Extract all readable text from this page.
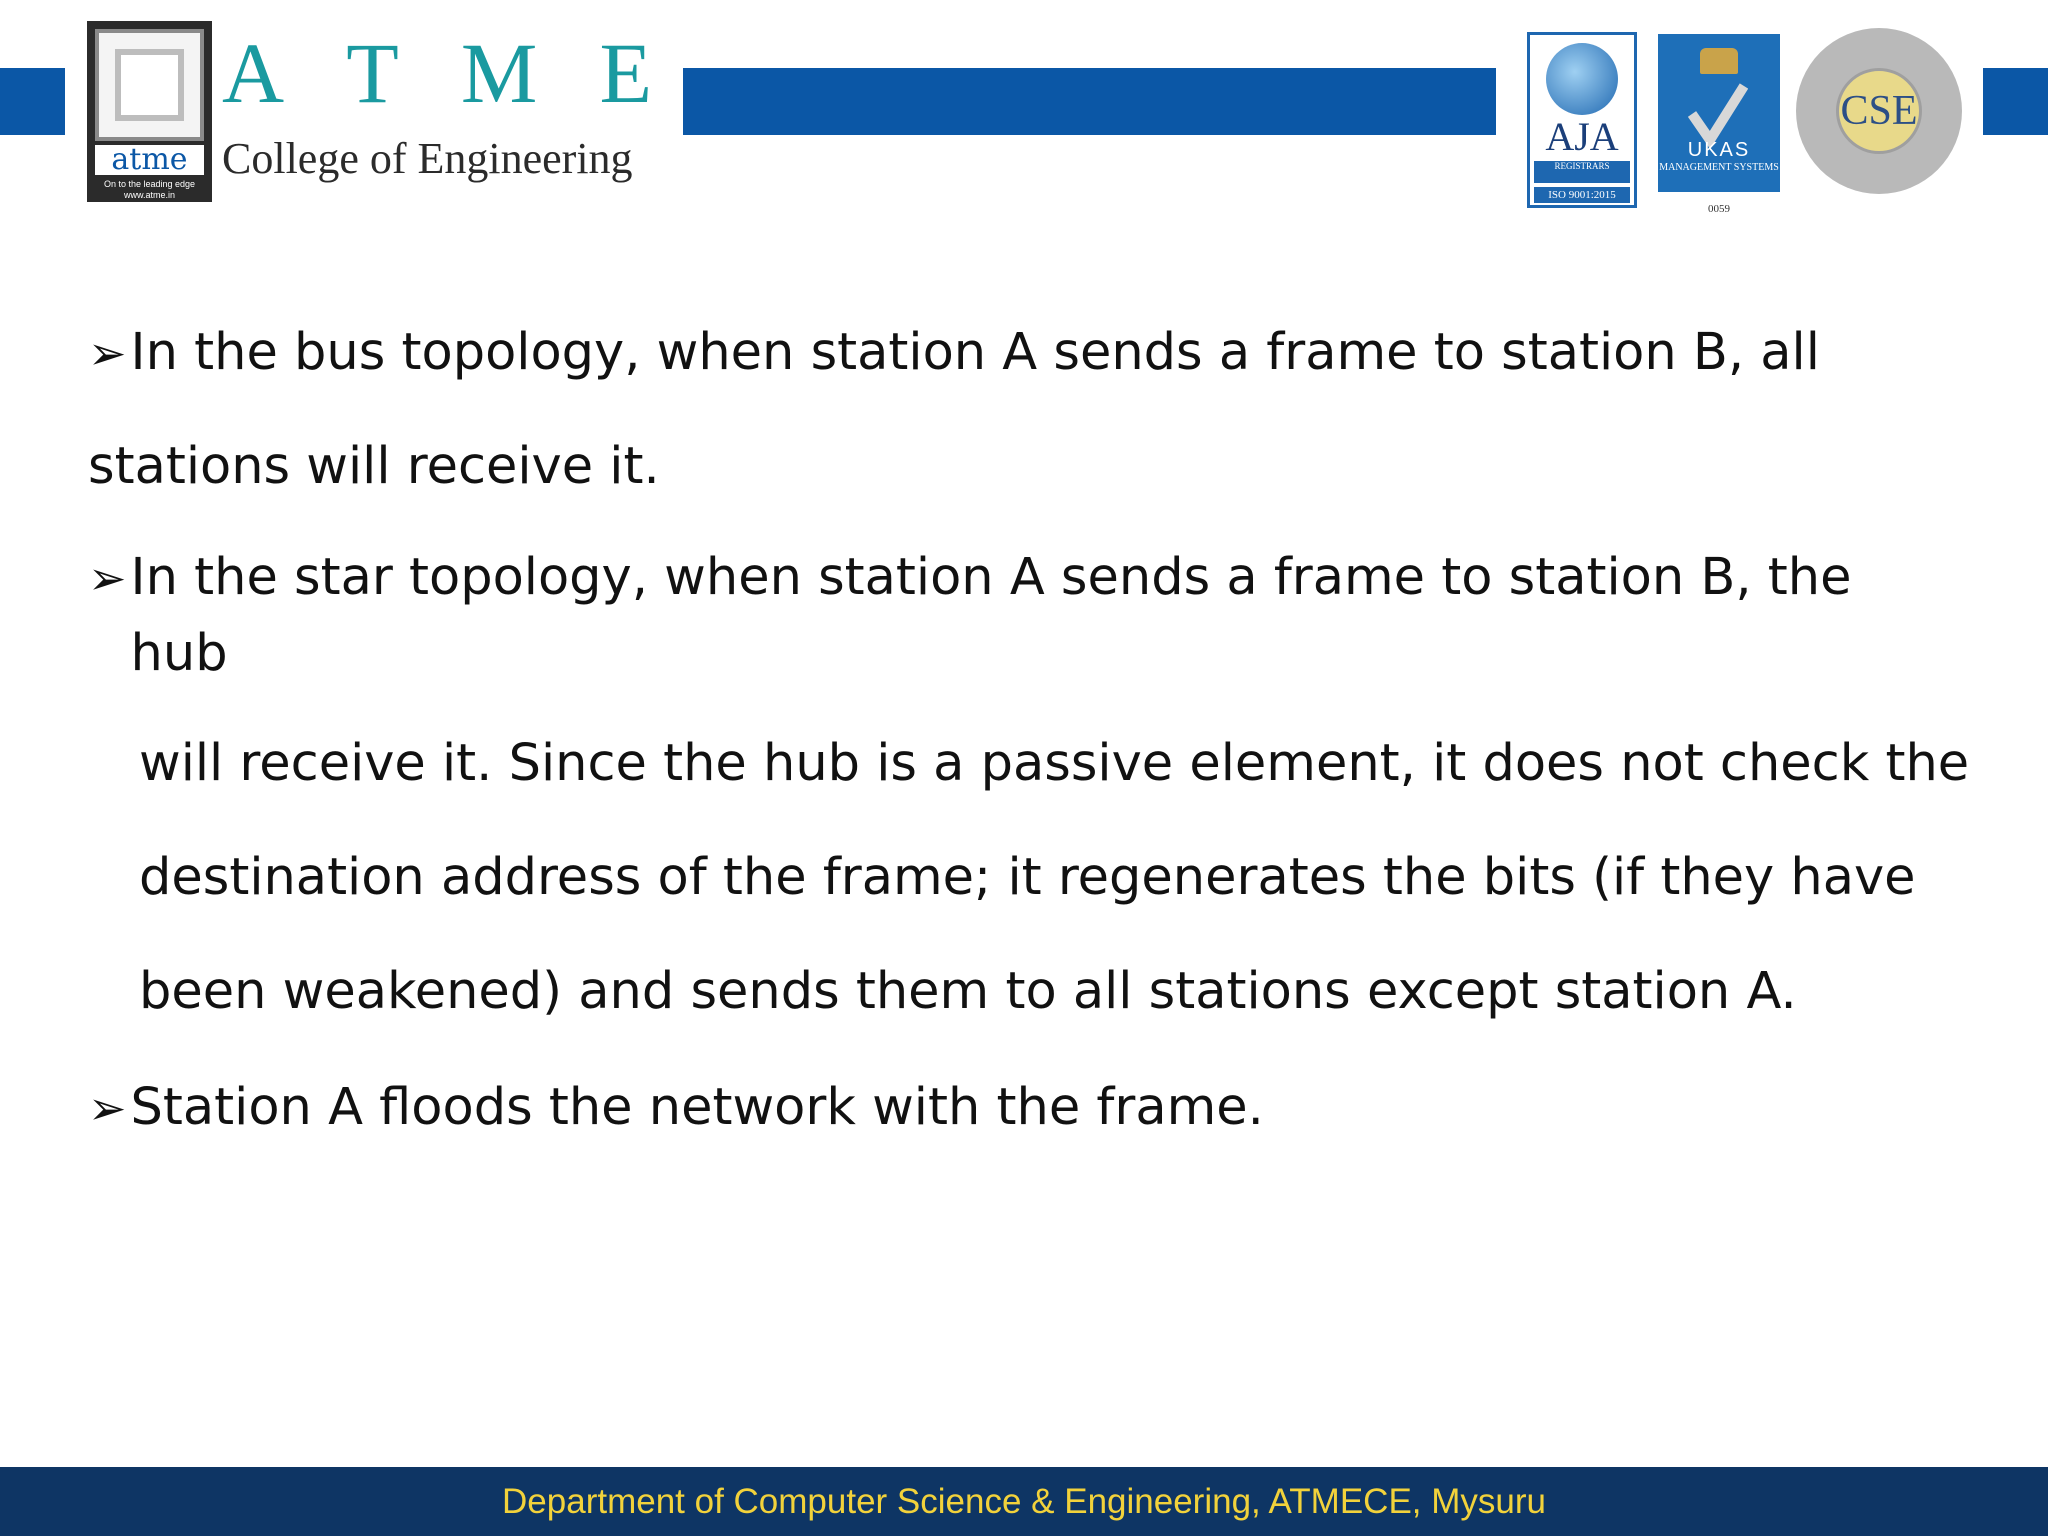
atme
On to the leading edge
www.atme.in
A T M E
College of Engineering	AJA
REGISTRARS
ISO 9001:2015
UKAS
MANAGEMENT SYSTEMS
0059
CSE
➢In the bus topology, when station A sends a frame to station B, all stations will receive it.
➢In the star topology, when station A sends a frame to station B, the hub
will receive it. Since the hub is a passive element, it does not check the
destination address of the frame; it regenerates the bits (if they have
been weakened) and sends them to all stations except station A.
➢Station A floods the network with the frame.
Department of Computer Science & Engineering, ATMECE, Mysuru
